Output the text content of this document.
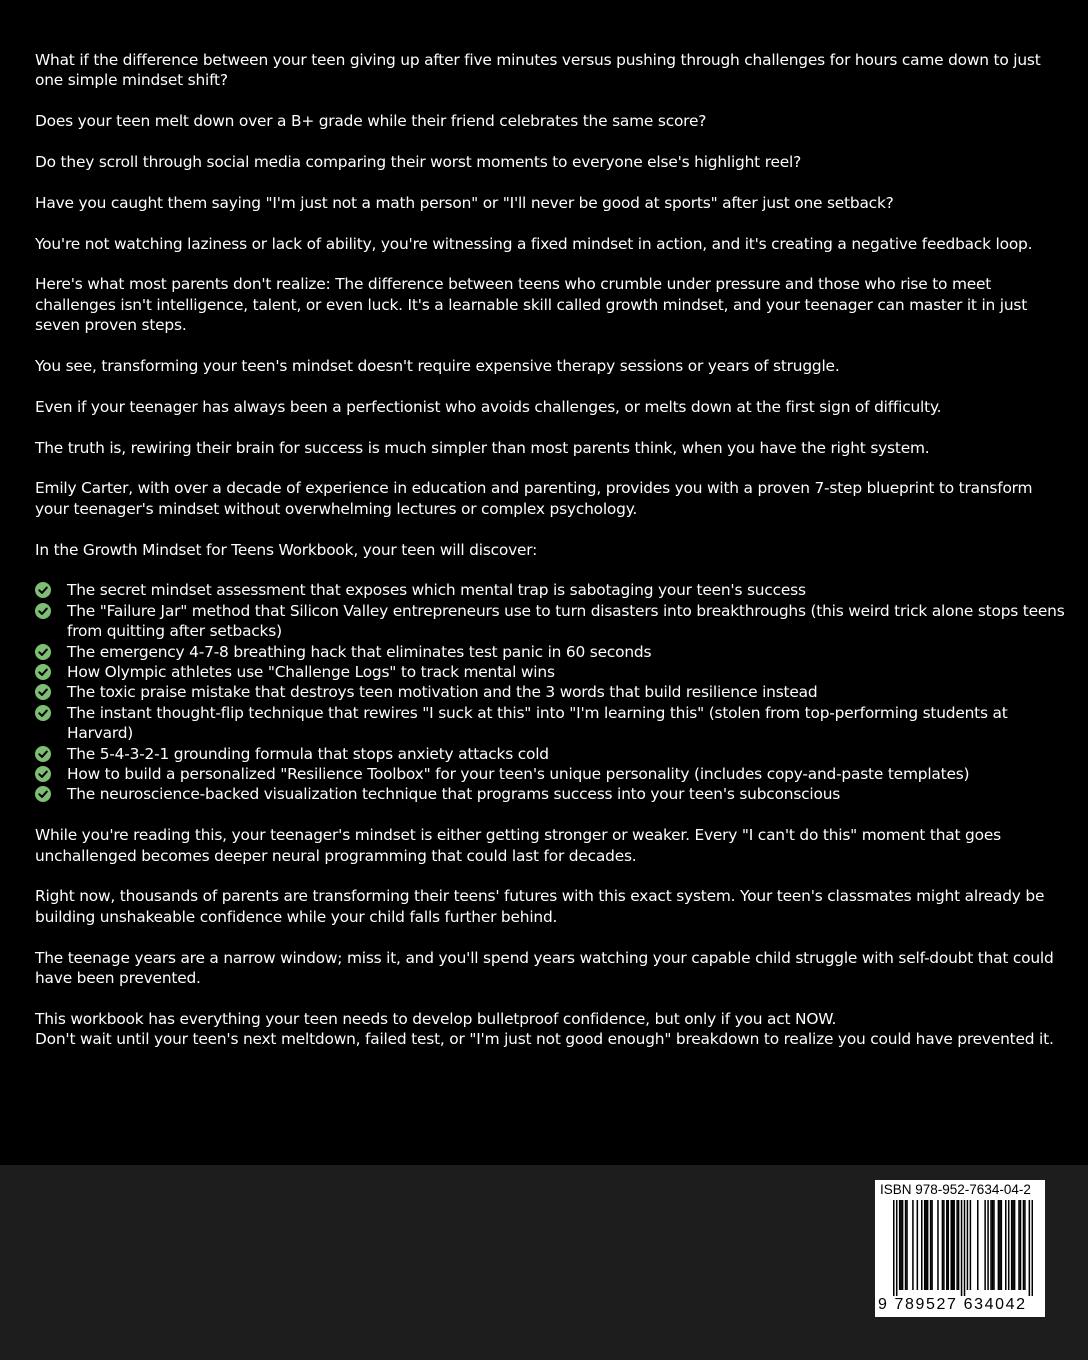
What if the difference between your teen giving up after five minutes versus pushing through challenges for hours came down to just one simple mindset shift?

Does your teen melt down over a B+ grade while their friend celebrates the same score?

Do they scroll through social media comparing their worst moments to everyone else's highlight reel?

Have you caught them saying "I'm just not a math person" or "I'll never be good at sports" after just one setback?

You're not watching laziness or lack of ability, you're witnessing a fixed mindset in action, and it's creating a negative feedback loop.

Here's what most parents don't realize: The difference between teens who crumble under pressure and those who rise to meet challenges isn't intelligence, talent, or even luck. It's a learnable skill called growth mindset, and your teenager can master it in just seven proven steps.

You see, transforming your teen's mindset doesn't require expensive therapy sessions or years of struggle.

Even if your teenager has always been a perfectionist who avoids challenges, or melts down at the first sign of difficulty.

The truth is, rewiring their brain for success is much simpler than most parents think, when you have the right system.

Emily Carter, with over a decade of experience in education and parenting, provides you with a proven 7-step blueprint to transform your teenager's mindset without overwhelming lectures or complex psychology.

In the Growth Mindset for Teens Workbook, your teen will discover:

The secret mindset assessment that exposes which mental trap is sabotaging your teen's success
The "Failure Jar" method that Silicon Valley entrepreneurs use to turn disasters into breakthroughs (this weird trick alone stops teens from quitting after setbacks)
The emergency 4-7-8 breathing hack that eliminates test panic in 60 seconds
How Olympic athletes use "Challenge Logs" to track mental wins
The toxic praise mistake that destroys teen motivation and the 3 words that build resilience instead
The instant thought-flip technique that rewires "I suck at this" into "I'm learning this" (stolen from top-performing students at Harvard)
The 5-4-3-2-1 grounding formula that stops anxiety attacks cold
How to build a personalized "Resilience Toolbox" for your teen's unique personality (includes copy-and-paste templates)
The neuroscience-backed visualization technique that programs success into your teen's subconscious

While you're reading this, your teenager's mindset is either getting stronger or weaker. Every "I can't do this" moment that goes unchallenged becomes deeper neural programming that could last for decades.

Right now, thousands of parents are transforming their teens' futures with this exact system. Your teen's classmates might already be building unshakeable confidence while your child falls further behind.

The teenage years are a narrow window; miss it, and you'll spend years watching your capable child struggle with self-doubt that could have been prevented.

This workbook has everything your teen needs to develop bulletproof confidence, but only if you act NOW.
Don't wait until your teen's next meltdown, failed test, or "I'm just not good enough" breakdown to realize you could have prevented it.

ISBN 978-952-7634-04-2
9 789527 634042
